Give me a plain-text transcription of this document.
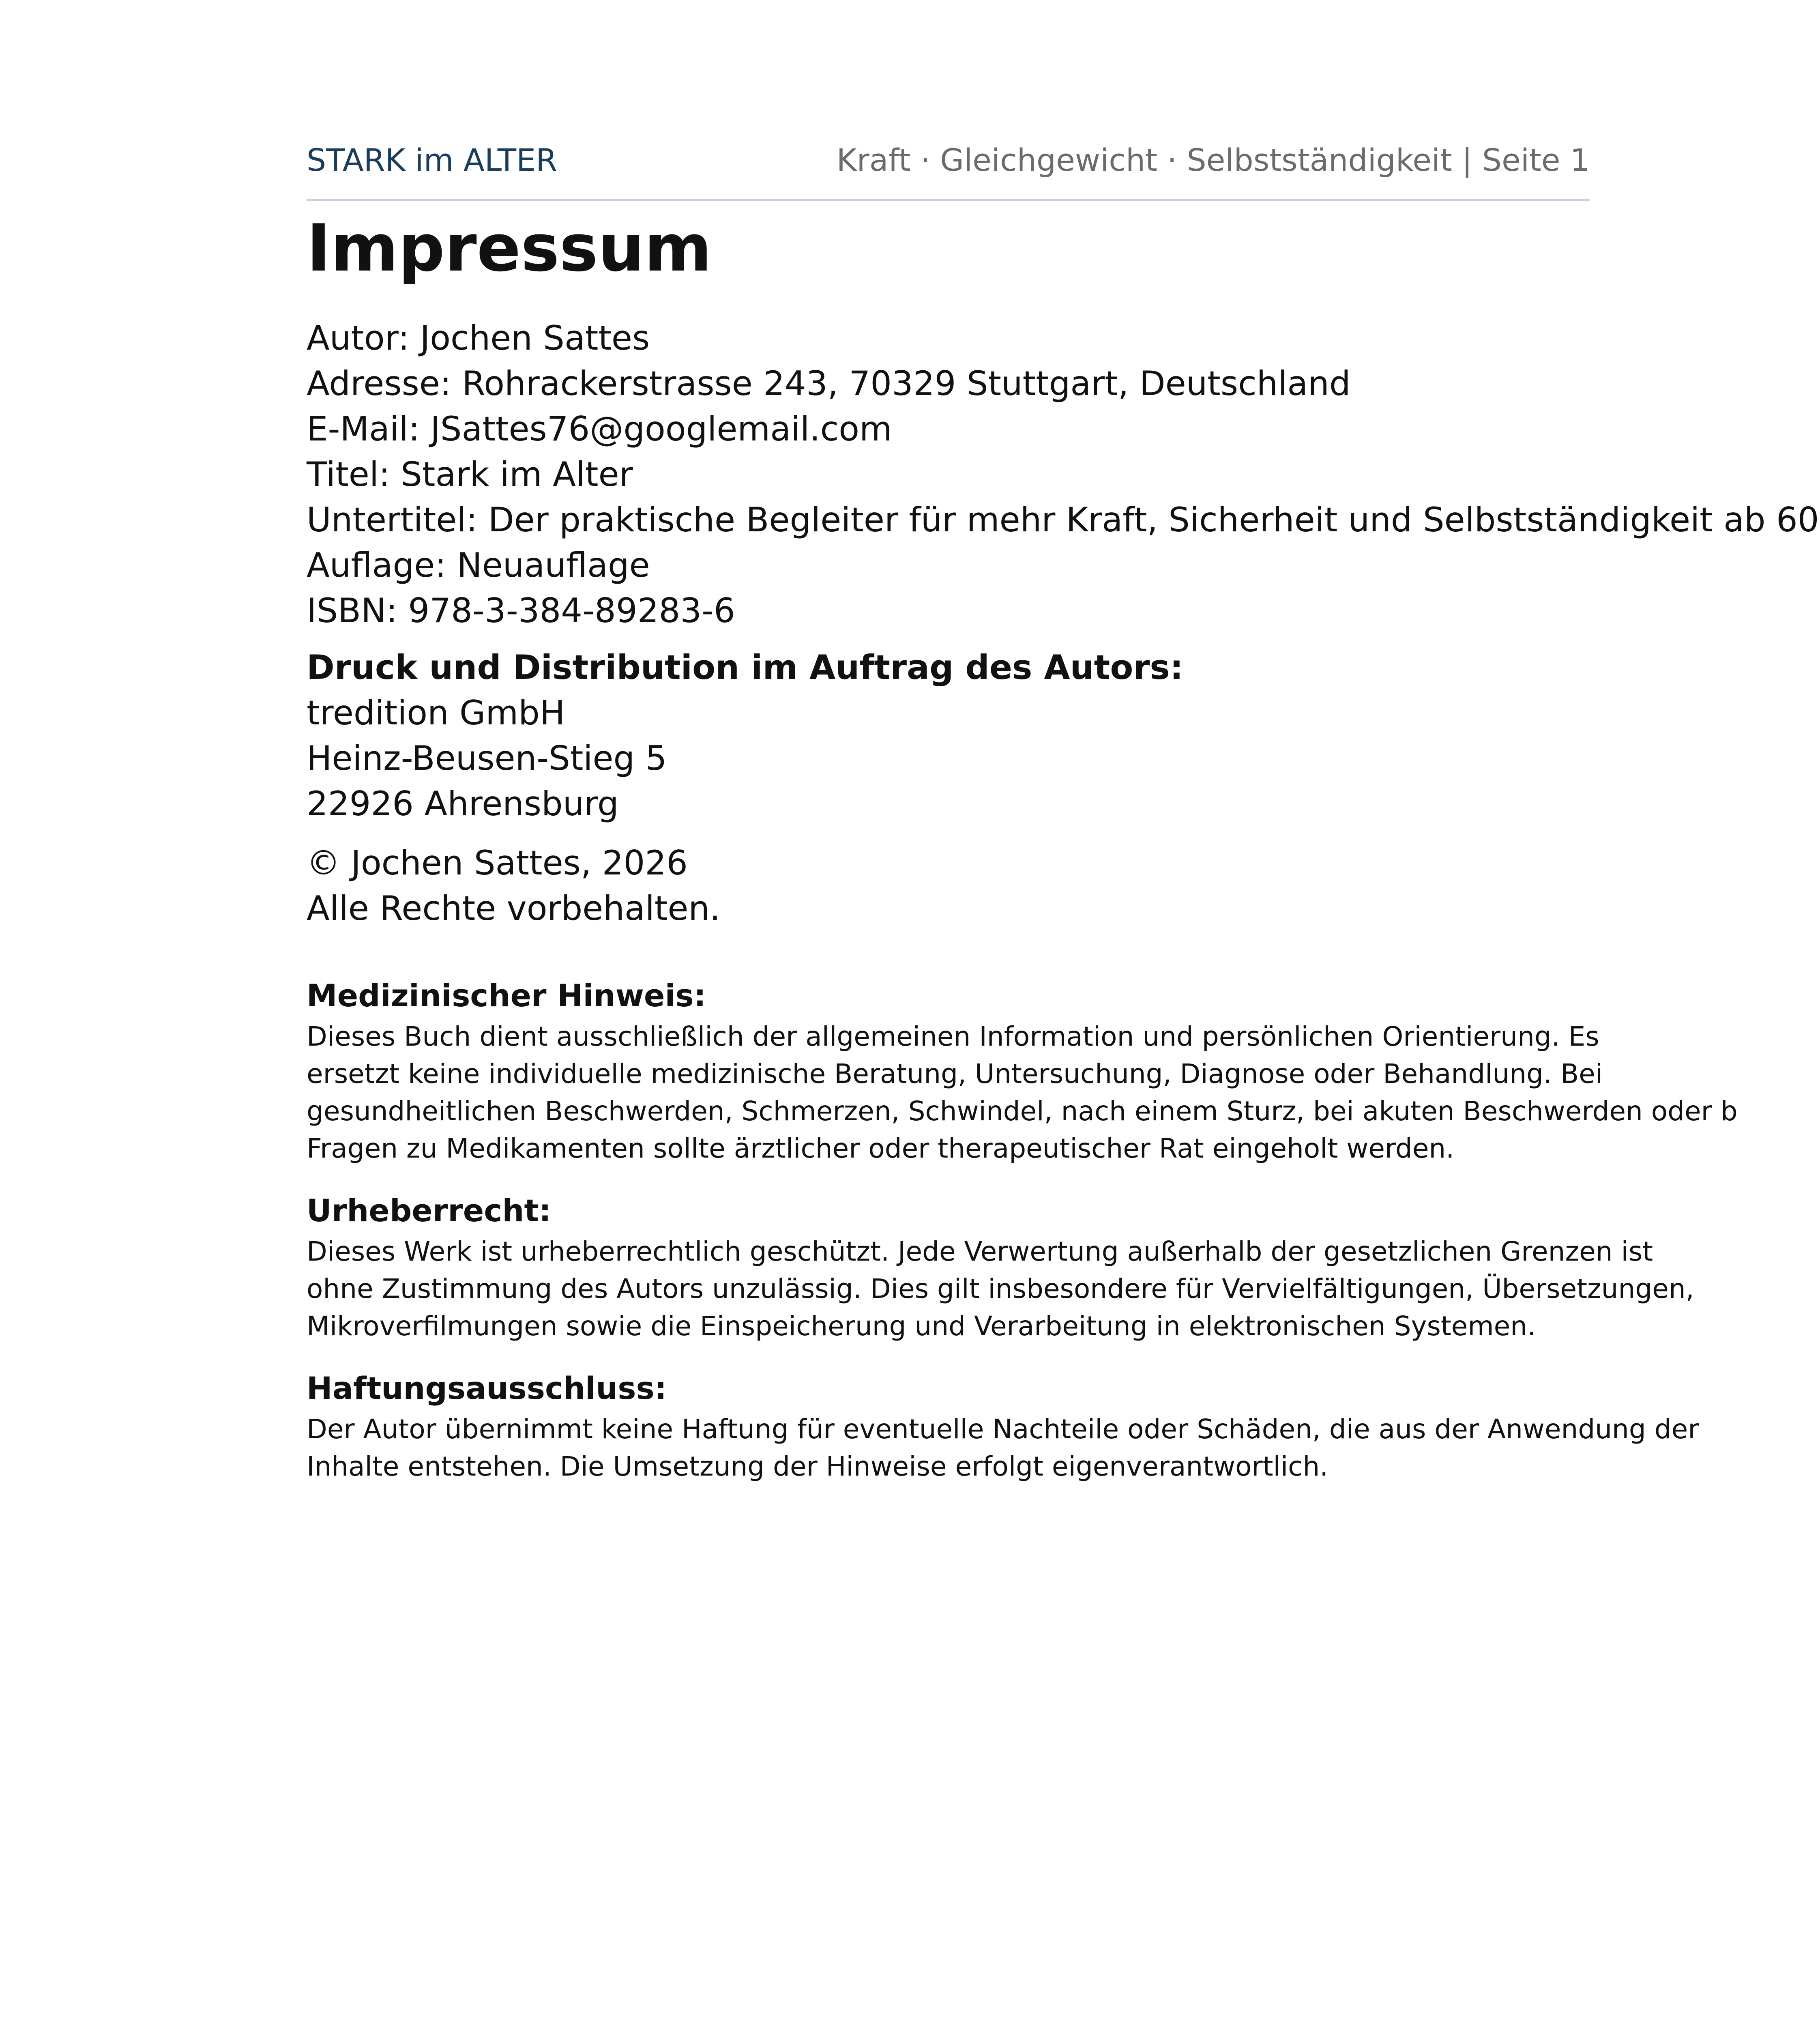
STARK im ALTER	Kraft · Gleichgewicht · Selbstständigkeit | Seite 1
Impressum
Autor: Jochen Sattes
Adresse: Rohrackerstrasse 243, 70329 Stuttgart, Deutschland
E-Mail: JSattes76@googlemail.com
Titel: Stark im Alter
Untertitel: Der praktische Begleiter für mehr Kraft, Sicherheit und Selbstständigkeit ab 60
Auflage: Neuauflage
ISBN: 978-3-384-89283-6
Druck und Distribution im Auftrag des Autors:
tredition GmbH
Heinz-Beusen-Stieg 5
22926 Ahrensburg
© Jochen Sattes, 2026
Alle Rechte vorbehalten.
Medizinischer Hinweis:
Dieses Buch dient ausschließlich der allgemeinen Information und persönlichen Orientierung. Es
ersetzt keine individuelle medizinische Beratung, Untersuchung, Diagnose oder Behandlung. Bei
gesundheitlichen Beschwerden, Schmerzen, Schwindel, nach einem Sturz, bei akuten Beschwerden oder b
Fragen zu Medikamenten sollte ärztlicher oder therapeutischer Rat eingeholt werden.
Urheberrecht:
Dieses Werk ist urheberrechtlich geschützt. Jede Verwertung außerhalb der gesetzlichen Grenzen ist
ohne Zustimmung des Autors unzulässig. Dies gilt insbesondere für Vervielfältigungen, Übersetzungen,
Mikroverfilmungen sowie die Einspeicherung und Verarbeitung in elektronischen Systemen.
Haftungsausschluss:
Der Autor übernimmt keine Haftung für eventuelle Nachteile oder Schäden, die aus der Anwendung der
Inhalte entstehen. Die Umsetzung der Hinweise erfolgt eigenverantwortlich.
